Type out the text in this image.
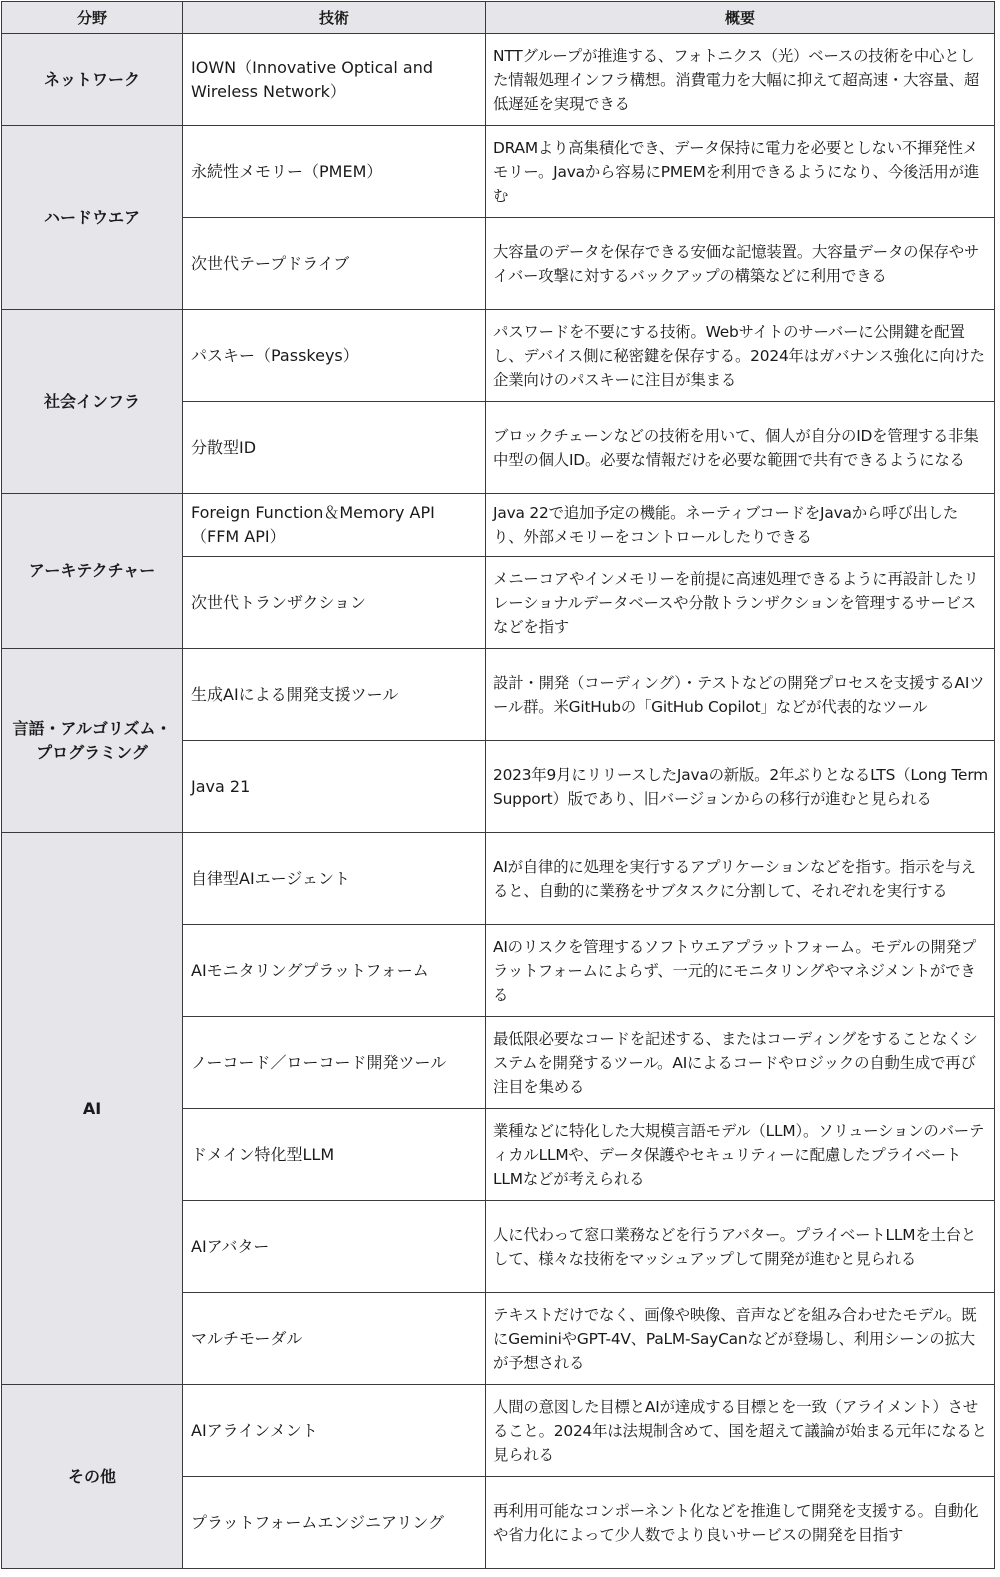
分野	技術	概要
ネットワーク	IOWN（Innovative Optical and Wireless Network）	NTTグループが推進する、フォトニクス（光）ベースの技術を中心とした情報処理インフラ構想。消費電力を大幅に抑えて超高速・大容量、超低遅延を実現できる
ハードウエア	永続性メモリー（PMEM）	DRAMより高集積化でき、データ保持に電力を必要としない不揮発性メモリー。Javaから容易にPMEMを利用できるようになり、今後活用が進む
	次世代テープドライブ	大容量のデータを保存できる安価な記憶装置。大容量データの保存やサイバー攻撃に対するバックアップの構築などに利用できる
社会インフラ	パスキー（Passkeys）	パスワードを不要にする技術。Webサイトのサーバーに公開鍵を配置し、デバイス側に秘密鍵を保存する。2024年はガバナンス強化に向けた企業向けのパスキーに注目が集まる
	分散型ID	ブロックチェーンなどの技術を用いて、個人が自分のIDを管理する非集中型の個人ID。必要な情報だけを必要な範囲で共有できるようになる
アーキテクチャー	Foreign Function＆Memory API（FFM API）	Java 22で追加予定の機能。ネーティブコードをJavaから呼び出したり、外部メモリーをコントロールしたりできる
	次世代トランザクション	メニーコアやインメモリーを前提に高速処理できるように再設計したリレーショナルデータベースや分散トランザクションを管理するサービスなどを指す
言語・アルゴリズム・プログラミング	生成AIによる開発支援ツール	設計・開発（コーディング）・テストなどの開発プロセスを支援するAIツール群。米GitHubの「GitHub Copilot」などが代表的なツール
	Java 21	2023年9月にリリースしたJavaの新版。2年ぶりとなるLTS（Long Term Support）版であり、旧バージョンからの移行が進むと見られる
AI	自律型AIエージェント	AIが自律的に処理を実行するアプリケーションなどを指す。指示を与えると、自動的に業務をサブタスクに分割して、それぞれを実行する
	AIモニタリングプラットフォーム	AIのリスクを管理するソフトウエアプラットフォーム。モデルの開発プラットフォームによらず、一元的にモニタリングやマネジメントができる
	ノーコード／ローコード開発ツール	最低限必要なコードを記述する、またはコーディングをすることなくシステムを開発するツール。AIによるコードやロジックの自動生成で再び注目を集める
	ドメイン特化型LLM	業種などに特化した大規模言語モデル（LLM）。ソリューションのバーティカルLLMや、データ保護やセキュリティーに配慮したプライベートLLMなどが考えられる
	AIアバター	人に代わって窓口業務などを行うアバター。プライベートLLMを土台として、様々な技術をマッシュアップして開発が進むと見られる
	マルチモーダル	テキストだけでなく、画像や映像、音声などを組み合わせたモデル。既にGeminiやGPT-4V、PaLM-SayCanなどが登場し、利用シーンの拡大が予想される
その他	AIアラインメント	人間の意図した目標とAIが達成する目標とを一致（アライメント）させること。2024年は法規制含めて、国を超えて議論が始まる元年になると見られる
	プラットフォームエンジニアリング	再利用可能なコンポーネント化などを推進して開発を支援する。自動化や省力化によって少人数でより良いサービスの開発を目指す
